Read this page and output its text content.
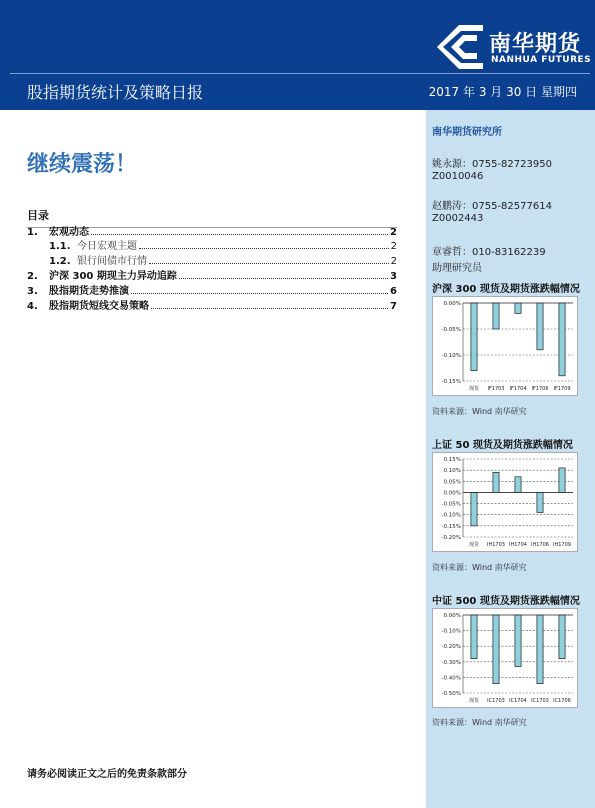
南华期货
NANHUA FUTURES
股指期货统计及策略日报	2017 年 3 月 30 日 星期四
继续震荡！
目录
1.	宏观动态	2
1.1. 今日宏观主题	2
1.2. 银行间债市行情	2
2.	沪深 300 期现主力异动追踪	3
3.	股指期货走势推演	6
4.	股指期货短线交易策略	7
请务必阅读正文之后的免责条款部分
南华期货研究所
姚永源：0755-82723950
Z0010046
赵鹏涛：0755-82577614
Z0002443
章睿哲：010-83162239
助理研究员
沪深 300 现货及期货涨跌幅情况
0.00%
-0.05%
-0.10%
-0.15%
现货 IF1703 IF1704 IF1706 IF1709
资料来源：Wind 南华研究
上证 50 现货及期货涨跌幅情况
0.15%
0.10%
0.05%
0.00%
-0.05%
-0.10%
-0.15%
-0.20%
现货 IH1703 IH1704 IH1706 IH1709
资料来源：Wind 南华研究
中证 500 现货及期货涨跌幅情况
0.00%
-0.10%
-0.20%
-0.30%
-0.40%
-0.50%
现货 IC1703 IC1704 IC1703 IC1706
资料来源：Wind 南华研究
